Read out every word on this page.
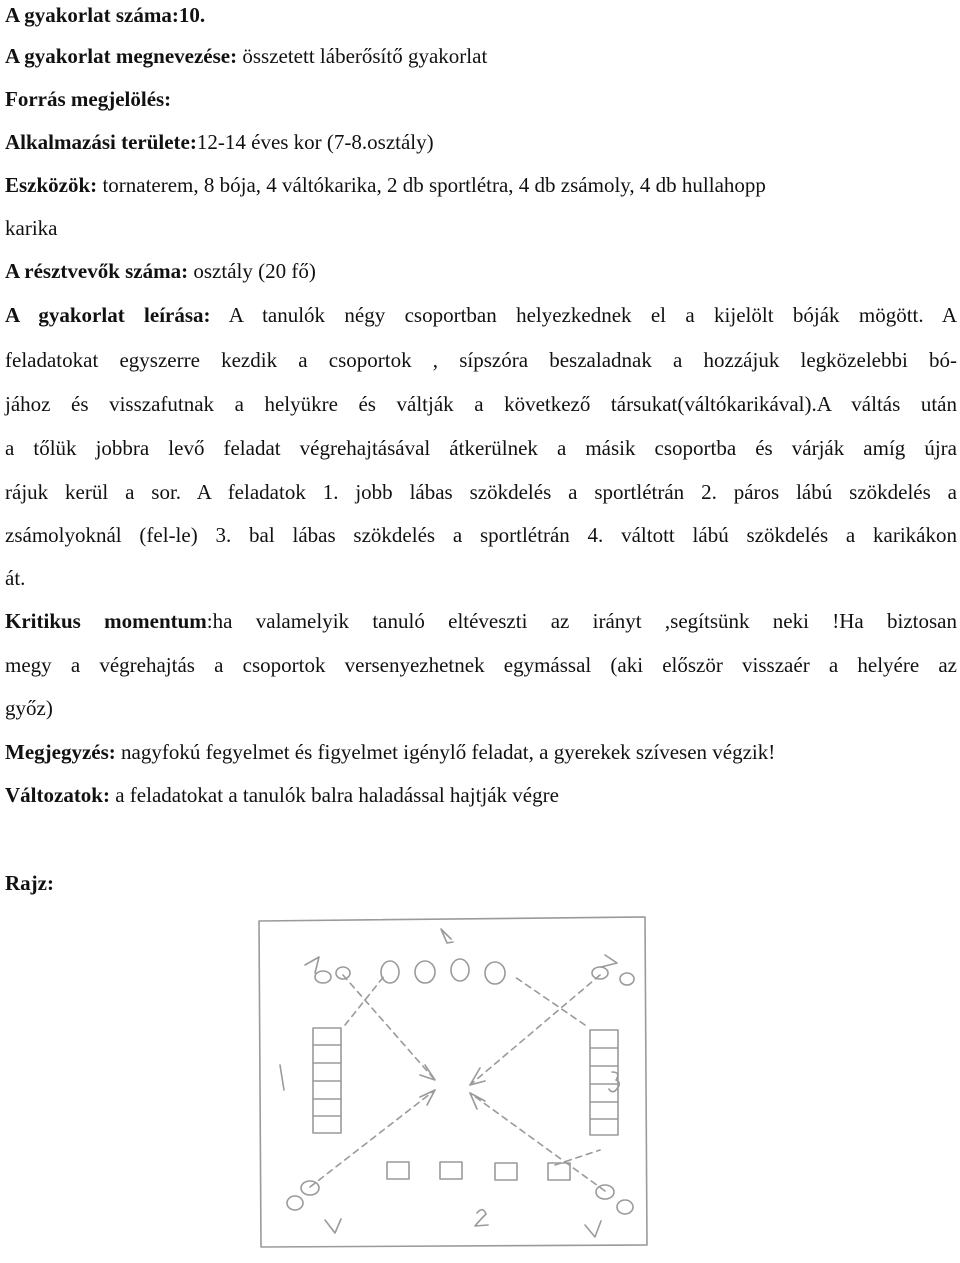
A gyakorlat száma:10.
A gyakorlat megnevezése: összetett láberősítő gyakorlat
Forrás megjelölés:
Alkalmazási területe:12-14 éves kor (7-8.osztály)
Eszközök: tornaterem, 8 bója, 4 váltókarika, 2 db sportlétra, 4 db zsámoly, 4 db hullahopp
karika
A résztvevők száma: osztály (20 fő)
A gyakorlat leírása: A tanulók négy csoportban helyezkednek el a kijelölt bóják mögött. A
feladatokat egyszerre kezdik a csoportok , sípszóra beszaladnak a hozzájuk legközelebbi bó-
jához és visszafutnak a helyükre és váltják a következő társukat(váltókarikával).A váltás után
a tőlük jobbra levő feladat végrehajtásával átkerülnek a másik csoportba és várják amíg újra
rájuk kerül a sor. A feladatok 1. jobb lábas szökdelés a sportlétrán 2. páros lábú szökdelés a
zsámolyoknál (fel-le) 3. bal lábas szökdelés a sportlétrán 4. váltott lábú szökdelés a karikákon
át.
Kritikus momentum:ha valamelyik tanuló eltéveszti az irányt ,segítsünk neki !Ha biztosan
megy a végrehajtás a csoportok versenyezhetnek egymással (aki először visszaér a helyére az
győz)
Megjegyzés: nagyfokú fegyelmet és figyelmet igénylő feladat, a gyerekek szívesen végzik!
Változatok: a feladatokat a tanulók balra haladással hajtják végre
Rajz:
